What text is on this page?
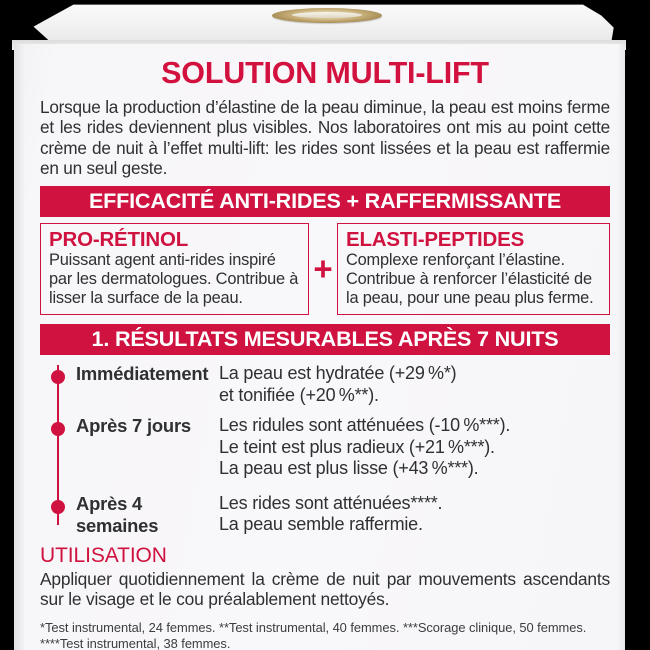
SOLUTION MULTI-LIFT
Lorsque la production d’élastine de la peau diminue, la peau est moins ferme et les rides deviennent plus visibles. Nos laboratoires ont mis au point cette crème de nuit à l’effet multi-lift: les rides sont lissées et la peau est raffermie en un seul geste.
EFFICACITÉ ANTI-RIDES + RAFFERMISSANTE
PRO-RÉTINOL
Puissant agent anti-rides inspiré par les dermatologues. Contribue à lisser la surface de la peau.
+
ELASTI-PEPTIDES
Complexe renforçant l’élastine. Contribue à renforcer l’élasticité de la peau, pour une peau plus ferme.
1. RÉSULTATS MESURABLES APRÈS 7 NUITS
Immédiatement La peau est hydratée (+29 %*)
et tonifiée (+20 %**).
Après 7 jours	Les ridules sont atténuées (-10 %***).
Le teint est plus radieux (+21 %***).
La peau est plus lisse (+43 %***).
Après 4 semaines
Les rides sont atténuées****.
La peau semble raffermie.
UTILISATION
Appliquer quotidiennement la crème de nuit par mouvements ascendants sur le visage et le cou préalablement nettoyés.
*Test instrumental, 24 femmes. **Test instrumental, 40 femmes. ***Scorage clinique, 50 femmes. ****Test instrumental, 38 femmes.
